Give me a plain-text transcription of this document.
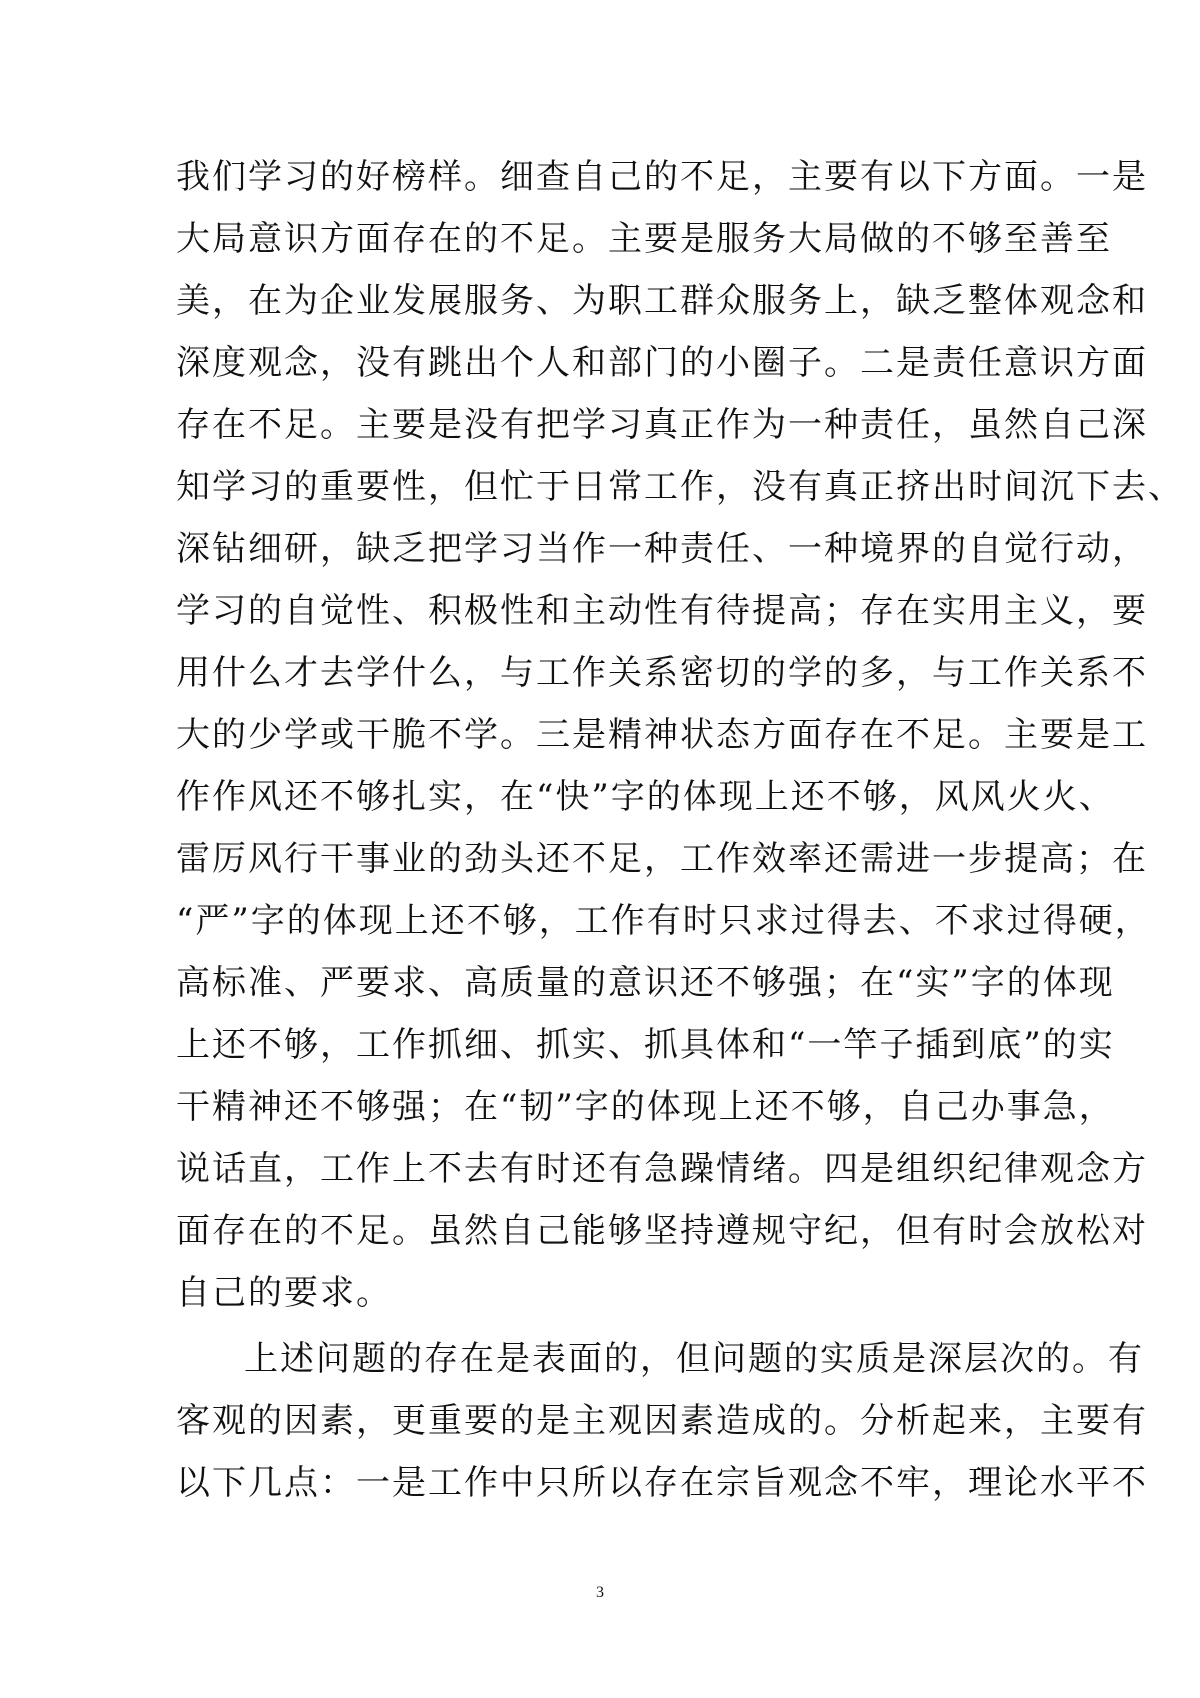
我们学习的好榜样。细查自己的不足，主要有以下方面。一是
大局意识方面存在的不足。主要是服务大局做的不够至善至
美，在为企业发展服务、为职工群众服务上，缺乏整体观念和
深度观念，没有跳出个人和部门的小圈子。二是责任意识方面
存在不足。主要是没有把学习真正作为一种责任，虽然自己深
知学习的重要性，但忙于日常工作，没有真正挤出时间沉下去、
深钻细研，缺乏把学习当作一种责任、一种境界的自觉行动，
学习的自觉性、积极性和主动性有待提高；存在实用主义，要
用什么才去学什么，与工作关系密切的学的多，与工作关系不
大的少学或干脆不学。三是精神状态方面存在不足。主要是工
作作风还不够扎实，在“快”字的体现上还不够，风风火火、
雷厉风行干事业的劲头还不足，工作效率还需进一步提高；在
“严”字的体现上还不够，工作有时只求过得去、不求过得硬，
高标准、严要求、高质量的意识还不够强；在“实”字的体现
上还不够，工作抓细、抓实、抓具体和“一竿子插到底”的实
干精神还不够强；在“韧”字的体现上还不够，自己办事急，
说话直，工作上不去有时还有急躁情绪。四是组织纪律观念方
面存在的不足。虽然自己能够坚持遵规守纪，但有时会放松对
自己的要求。
上述问题的存在是表面的，但问题的实质是深层次的。有
客观的因素，更重要的是主观因素造成的。分析起来，主要有
以下几点：一是工作中只所以存在宗旨观念不牢，理论水平不
3
